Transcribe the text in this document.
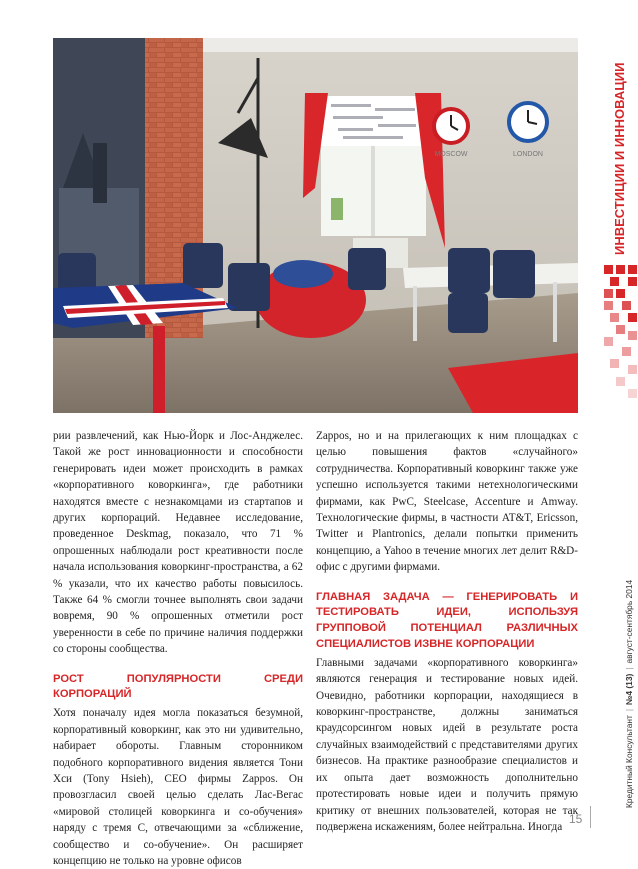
MOSCOW	LONDON

рии развлечений, как Нью-Йорк и Лос-Анджелес. Такой же рост инновационности и способности генерировать идеи может происходить в рамках «корпоративного коворкинга», где работники находятся вместе с незнакомцами из стартапов и других корпораций. Недавнее исследование, проведенное Deskmag, показало, что 71 % опрошенных наблюдали рост креативности после начала использования коворкинг-пространства, а 62 % указали, что их качество работы повысилось. Также 64 % смогли точнее выполнять свои задачи вовремя, 90 % опрошенных отметили рост уверенности в себе по причине наличия поддержки со стороны сообщества.

РОСТ ПОПУЛЯРНОСТИ СРЕДИ КОРПОРАЦИЙ

Хотя поначалу идея могла показаться безумной, корпоративный коворкинг, как это ни удивительно, набирает обороты. Главным сторонником подобного корпоративного видения является Тони Хси (Tony Hsieh), CEO фирмы Zappos. Он провозгласил своей целью сделать Лас-Вегас «мировой столицей коворкинга и со-обучения» наряду с тремя С, отвечающими за «сближение, сообщество и со-обучение». Он расширяет концепцию не только на уровне офисов

Zappos, но и на прилегающих к ним площадках с целью повышения фактов «случайного» сотрудничества. Корпоративный коворкинг также уже успешно используется такими нетехнологическими фирмами, как PwC, Steelcase, Accenture и Amway. Технологические фирмы, в частности AT&T, Ericsson, Twitter и Plantronics, делали попытки применить концепцию, а Yahoo в течение многих лет делит R&D-офис с другими фирмами.

ГЛАВНАЯ ЗАДАЧА — ГЕНЕРИРОВАТЬ И ТЕСТИРОВАТЬ ИДЕИ, ИСПОЛЬЗУЯ ГРУППОВОЙ ПОТЕНЦИАЛ РАЗЛИЧНЫХ СПЕЦИАЛИСТОВ ИЗВНЕ КОРПОРАЦИИ

Главными задачами «корпоративного коворкинга» являются генерация и тестирование новых идей. Очевидно, работники корпорации, находящиеся в коворкинг-пространстве, должны заниматься краудсорсингом новых идей в результате роста случайных взаимодействий с представителями других бизнесов. На практике разнообразие специалистов и их опыта дает возможность дополнительно протестировать новые идеи и получить прямую критику от внешних пользователей, которая не так подвержена искажениям, более нейтральна. Иногда

ИНВЕСТИЦИИ И ИННОВАЦИИ
Кредитный Консультант|№4 (13)|август-сентябрь 2014
15
